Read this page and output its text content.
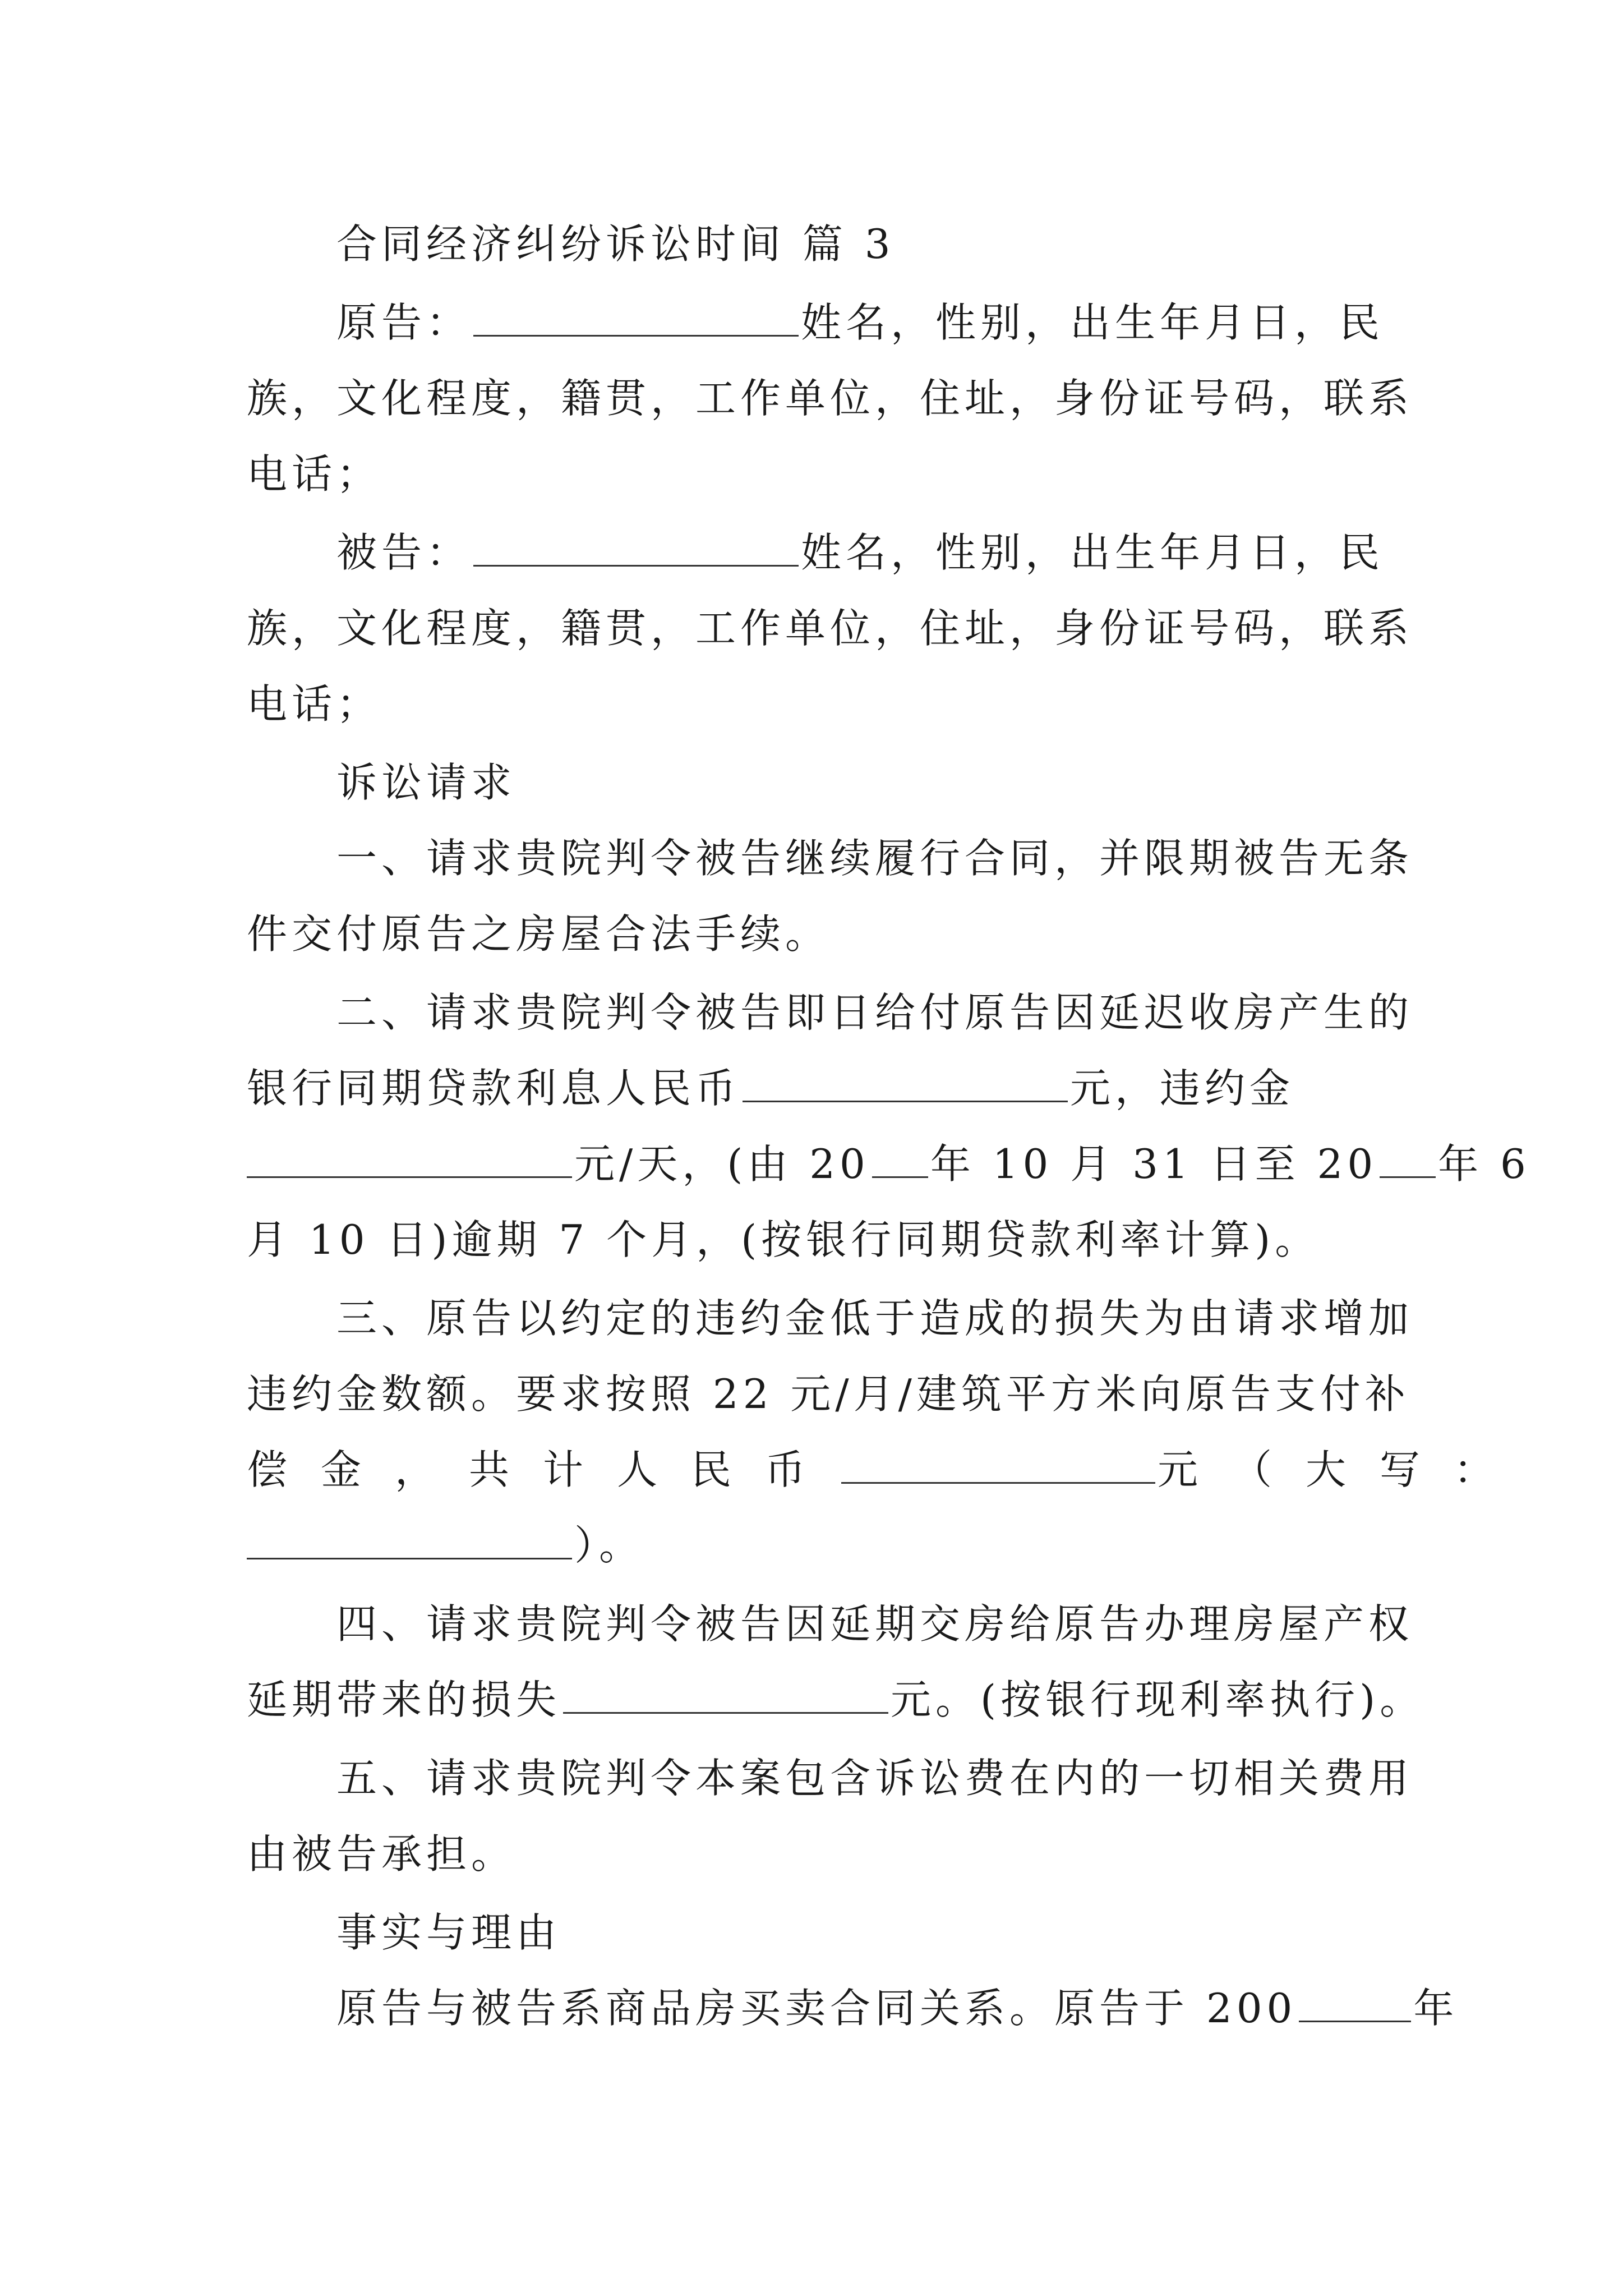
合同经济纠纷诉讼时间 篇 3
原告：	姓名，性别，出生年月日，民
族，文化程度，籍贯，工作单位，住址，身份证号码，联系
电话；
被告：	姓名，性别，出生年月日，民
族，文化程度，籍贯，工作单位，住址，身份证号码，联系
电话；
诉讼请求
一、请求贵院判令被告继续履行合同，并限期被告无条
件交付原告之房屋合法手续。
二、请求贵院判令被告即日给付原告因延迟收房产生的
银行同期贷款利息人民币	元，违约金
元/天，(由 20 年 10 月 31 日至 20 年 6
月 10 日)逾期 7 个月，(按银行同期贷款利率计算)。
三、原告以约定的违约金低于造成的损失为由请求增加
违约金数额。要求按照 22 元/月/建筑平方米向原告支付补
偿金，共计人民币	元（大写：
）。
四、请求贵院判令被告因延期交房给原告办理房屋产权
延期带来的损失	元。(按银行现利率执行)。
五、请求贵院判令本案包含诉讼费在内的一切相关费用
由被告承担。
事实与理由
原告与被告系商品房买卖合同关系。原告于 200	年
